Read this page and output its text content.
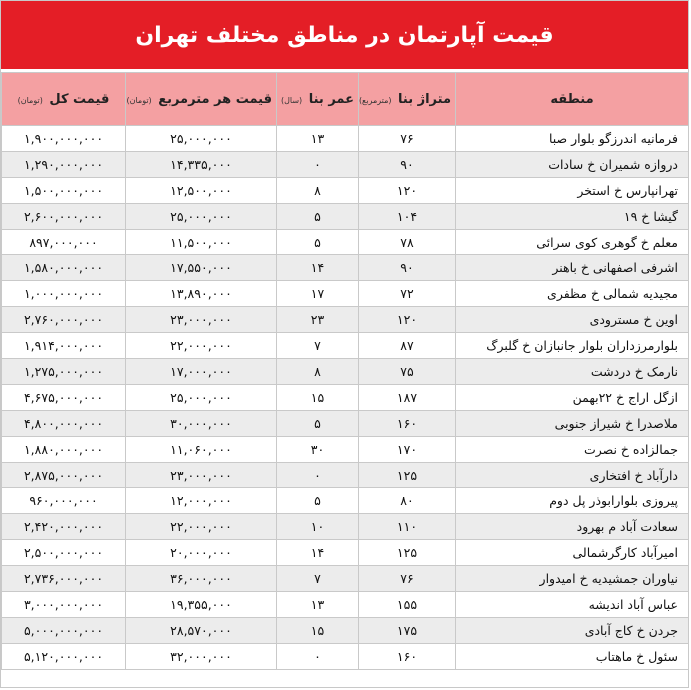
قیمت آپارتمان در مناطق مختلف تهران
منطقه	متراژ بنا (مترمربع)	عمر بنا (سال)	قیمت هر مترمربع (تومان)	قیمت کل (تومان)
فرمانیه اندرزگو بلوار صبا	۷۶	۱۳	۲۵,۰۰۰,۰۰۰	۱,۹۰۰,۰۰۰,۰۰۰
دروازه شمیران خ سادات	۹۰	۰	۱۴,۳۳۵,۰۰۰	۱,۲۹۰,۰۰۰,۰۰۰
تهرانپارس خ استخر	۱۲۰	۸	۱۲,۵۰۰,۰۰۰	۱,۵۰۰,۰۰۰,۰۰۰
گیشا خ ۱۹	۱۰۴	۵	۲۵,۰۰۰,۰۰۰	۲,۶۰۰,۰۰۰,۰۰۰
معلم خ گوهری کوی سرائی	۷۸	۵	۱۱,۵۰۰,۰۰۰	۸۹۷,۰۰۰,۰۰۰
اشرفی اصفهانی خ باهنر	۹۰	۱۴	۱۷,۵۵۰,۰۰۰	۱,۵۸۰,۰۰۰,۰۰۰
مجیدیه شمالی خ مظفری	۷۲	۱۷	۱۳,۸۹۰,۰۰۰	۱,۰۰۰,۰۰۰,۰۰۰
اوین خ مسترودی	۱۲۰	۲۳	۲۳,۰۰۰,۰۰۰	۲,۷۶۰,۰۰۰,۰۰۰
بلوارمرزداران بلوار جانبازان خ گلبرگ	۸۷	۷	۲۲,۰۰۰,۰۰۰	۱,۹۱۴,۰۰۰,۰۰۰
نارمک خ دردشت	۷۵	۸	۱۷,۰۰۰,۰۰۰	۱,۲۷۵,۰۰۰,۰۰۰
ازگل اراج خ ۲۲بهمن	۱۸۷	۱۵	۲۵,۰۰۰,۰۰۰	۴,۶۷۵,۰۰۰,۰۰۰
ملاصدرا خ شیراز جنوبی	۱۶۰	۵	۳۰,۰۰۰,۰۰۰	۴,۸۰۰,۰۰۰,۰۰۰
جمالزاده خ نصرت	۱۷۰	۳۰	۱۱,۰۶۰,۰۰۰	۱,۸۸۰,۰۰۰,۰۰۰
دارآباد خ افتخاری	۱۲۵	۰	۲۳,۰۰۰,۰۰۰	۲,۸۷۵,۰۰۰,۰۰۰
پیروزی بلوارابوذر پل دوم	۸۰	۵	۱۲,۰۰۰,۰۰۰	۹۶۰,۰۰۰,۰۰۰
سعادت آباد م بهرود	۱۱۰	۱۰	۲۲,۰۰۰,۰۰۰	۲,۴۲۰,۰۰۰,۰۰۰
امیرآباد کارگرشمالی	۱۲۵	۱۴	۲۰,۰۰۰,۰۰۰	۲,۵۰۰,۰۰۰,۰۰۰
نیاوران جمشیدیه خ امیدوار	۷۶	۷	۳۶,۰۰۰,۰۰۰	۲,۷۳۶,۰۰۰,۰۰۰
عباس آباد اندیشه	۱۵۵	۱۳	۱۹,۳۵۵,۰۰۰	۳,۰۰۰,۰۰۰,۰۰۰
جردن خ کاج آبادی	۱۷۵	۱۵	۲۸,۵۷۰,۰۰۰	۵,۰۰۰,۰۰۰,۰۰۰
سئول خ ماهتاب	۱۶۰	۰	۳۲,۰۰۰,۰۰۰	۵,۱۲۰,۰۰۰,۰۰۰
